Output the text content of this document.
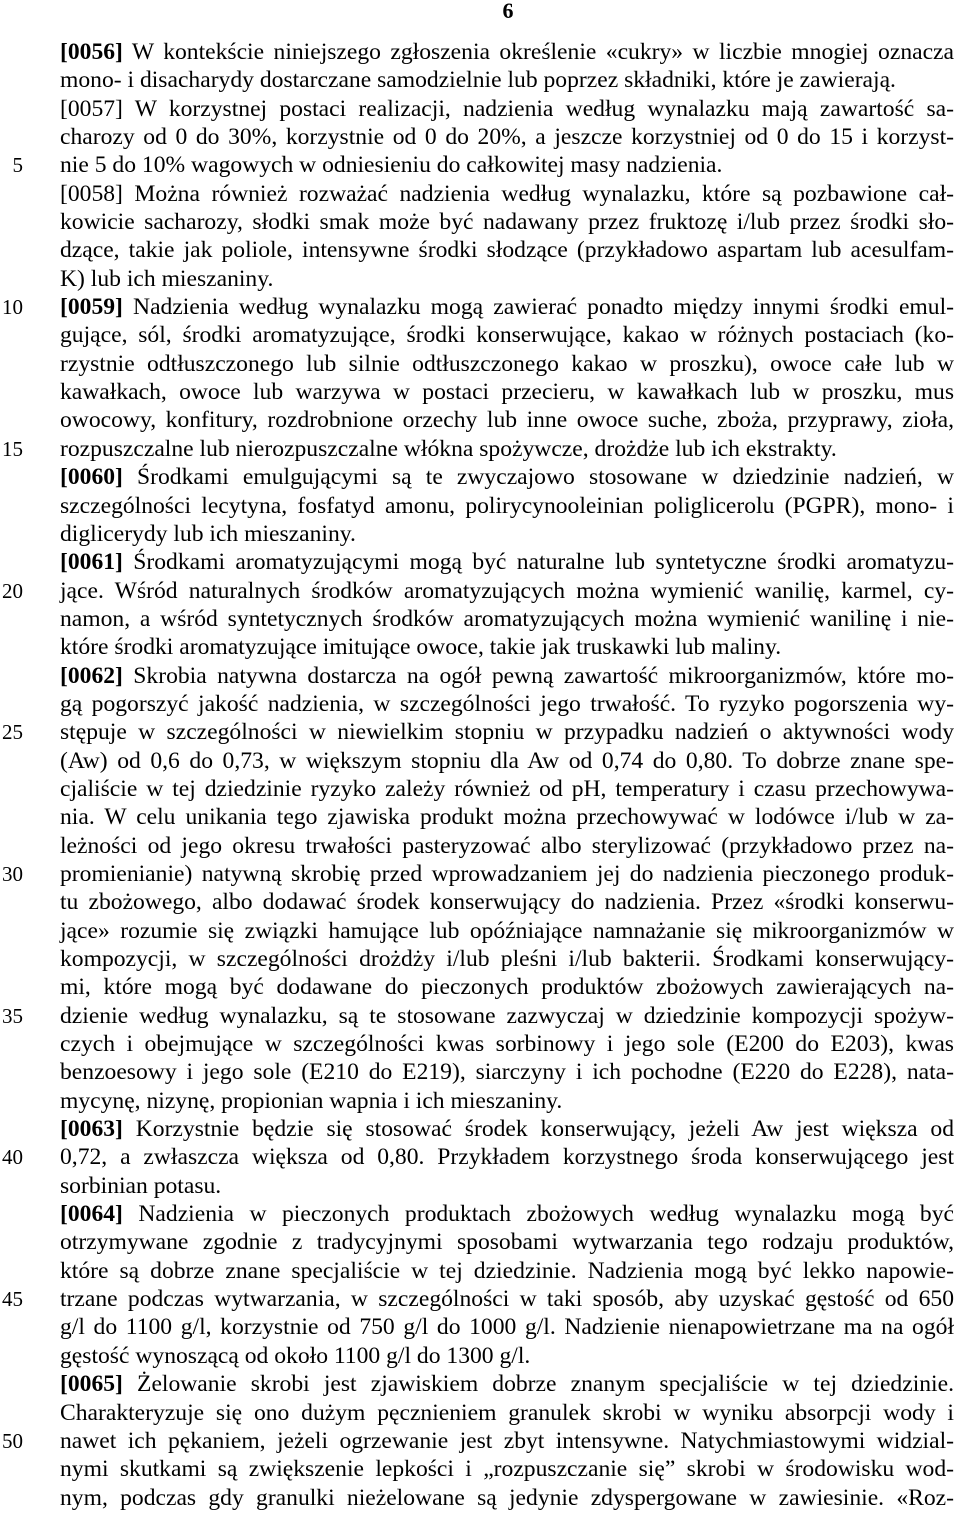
6
[0056] W kontekście niniejszego zgłoszenia określenie «cukry» w liczbie mnogiej oznacza
mono- i disacharydy dostarczane samodzielnie lub poprzez składniki, które je zawierają.
[0057] W korzystnej postaci realizacji, nadzienia według wynalazku mają zawartość sa-
charozy od 0 do 30%, korzystnie od 0 do 20%, a jeszcze korzystniej od 0 do 15 i korzyst-
5 nie 5 do 10% wagowych w odniesieniu do całkowitej masy nadzienia.
[0058] Można również rozważać nadzienia według wynalazku, które są pozbawione cał-
kowicie sacharozy, słodki smak może być nadawany przez fruktozę i/lub przez środki sło-
dzące, takie jak poliole, intensywne środki słodzące (przykładowo aspartam lub acesulfam-
K) lub ich mieszaniny.
10 [0059] Nadzienia według wynalazku mogą zawierać ponadto między innymi środki emul-
gujące, sól, środki aromatyzujące, środki konserwujące, kakao w różnych postaciach (ko-
rzystnie odtłuszczonego lub silnie odtłuszczonego kakao w proszku), owoce całe lub w
kawałkach, owoce lub warzywa w postaci przecieru, w kawałkach lub w proszku, mus
owocowy, konfitury, rozdrobnione orzechy lub inne owoce suche, zboża, przyprawy, zioła,
15 rozpuszczalne lub nierozpuszczalne włókna spożywcze, drożdże lub ich ekstrakty.
[0060] Środkami emulgującymi są te zwyczajowo stosowane w dziedzinie nadzień, w
szczególności lecytyna, fosfatyd amonu, polirycynooleinian poliglicerolu (PGPR), mono- i
diglicerydy lub ich mieszaniny.
[0061] Środkami aromatyzującymi mogą być naturalne lub syntetyczne środki aromatyzu-
20 jące. Wśród naturalnych środków aromatyzujących można wymienić wanilię, karmel, cy-
namon, a wśród syntetycznych środków aromatyzujących można wymienić wanilinę i nie-
które środki aromatyzujące imitujące owoce, takie jak truskawki lub maliny.
[0062] Skrobia natywna dostarcza na ogół pewną zawartość mikroorganizmów, które mo-
gą pogorszyć jakość nadzienia, w szczególności jego trwałość. To ryzyko pogorszenia wy-
25 stępuje w szczególności w niewielkim stopniu w przypadku nadzień o aktywności wody
(Aw) od 0,6 do 0,73, w większym stopniu dla Aw od 0,74 do 0,80. To dobrze znane spe-
cjaliście w tej dziedzinie ryzyko zależy również od pH, temperatury i czasu przechowywa-
nia. W celu unikania tego zjawiska produkt można przechowywać w lodówce i/lub w za-
leżności od jego okresu trwałości pasteryzować albo sterylizować (przykładowo przez na-
30 promienianie) natywną skrobię przed wprowadzaniem jej do nadzienia pieczonego produk-
tu zbożowego, albo dodawać środek konserwujący do nadzienia. Przez «środki konserwu-
jące» rozumie się związki hamujące lub opóźniające namnażanie się mikroorganizmów w
kompozycji, w szczególności drożdży i/lub pleśni i/lub bakterii. Środkami konserwujący-
mi, które mogą być dodawane do pieczonych produktów zbożowych zawierających na-
35 dzienie według wynalazku, są te stosowane zazwyczaj w dziedzinie kompozycji spożyw-
czych i obejmujące w szczególności kwas sorbinowy i jego sole (E200 do E203), kwas
benzoesowy i jego sole (E210 do E219), siarczyny i ich pochodne (E220 do E228), nata-
mycynę, nizynę, propionian wapnia i ich mieszaniny.
[0063] Korzystnie będzie się stosować środek konserwujący, jeżeli Aw jest większa od
40 0,72, a zwłaszcza większa od 0,80. Przykładem korzystnego środa konserwującego jest
sorbinian potasu.
[0064] Nadzienia w pieczonych produktach zbożowych według wynalazku mogą być
otrzymywane zgodnie z tradycyjnymi sposobami wytwarzania tego rodzaju produktów,
które są dobrze znane specjaliście w tej dziedzinie. Nadzienia mogą być lekko napowie-
45 trzane podczas wytwarzania, w szczególności w taki sposób, aby uzyskać gęstość od 650
g/l do 1100 g/l, korzystnie od 750 g/l do 1000 g/l. Nadzienie nienapowietrzane ma na ogół
gęstość wynoszącą od około 1100 g/l do 1300 g/l.
[0065] Żelowanie skrobi jest zjawiskiem dobrze znanym specjaliście w tej dziedzinie.
Charakteryzuje się ono dużym pęcznieniem granulek skrobi w wyniku absorpcji wody i
50 nawet ich pękaniem, jeżeli ogrzewanie jest zbyt intensywne. Natychmiastowymi widzial-
nymi skutkami są zwiększenie lepkości i „rozpuszczanie się” skrobi w środowisku wod-
nym, podczas gdy granulki nieżelowane są jedynie zdyspergowane w zawiesinie. «Roz-
